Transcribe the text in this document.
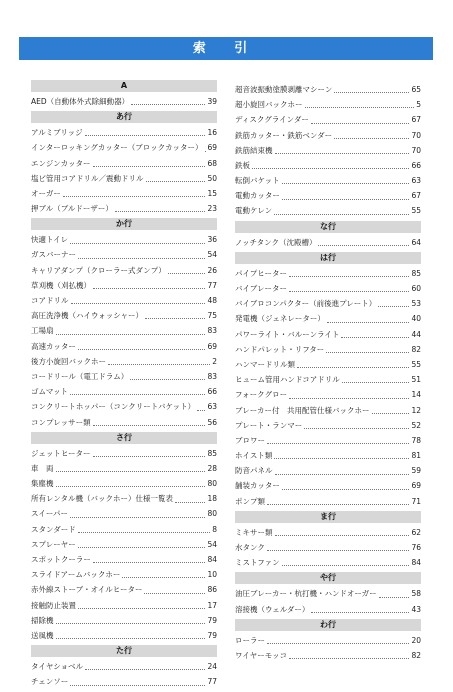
索 引
A
AED（自動体外式除細動器）	39
あ行
アルミブリッジ	16
インターロッキングカッター（ブロックカッター） 69
エンジンカッター	68
塩ビ管用コアドリル／震動ドリル	50
オーガー	15
押ブル（ブルドーザー）	23
か行
快適トイレ	36
ガスバーナー	54
キャリアダンプ（クローラー式ダンプ）	26
草刈機（刈払機）	77
コアドリル	48
高圧洗浄機（ハイウォッシャー）	75
工場扇	83
高速カッター	69
後方小旋回バックホー	2
コードリール（電工ドラム）	83
ゴムマット	66
コンクリートホッパー（コンクリートバケット） 63
コンプレッサー類	56
さ行
ジェットヒーター	85
車　両	28
集塵機	80
所有レンタル機（バックホー）仕様一覧表	18
スイーパー	80
スタンダード	8
スプレーヤー	54
スポットクーラー	84
スライドアームバックホー	10
赤外線ストーブ・オイルヒーター	86
接触防止装置	17
掃除機	79
送風機	79
た行
タイヤショベル	24
チェンソー	77
超音波振動塗膜剥離マシーン	65
超小旋回バックホー	5
ディスクグラインダー	67
鉄筋カッター・鉄筋ベンダー	70
鉄筋結束機	70
鉄板	66
転倒バケット	63
電動カッター	67
電動ケレン	55
な行
ノッチタンク（沈殿槽）	64
は行
パイプヒーター	85
バイブレーター	60
バイブロコンパクター（前後進プレート）	53
発電機（ジェネレーター）	40
パワーライト・バルーンライト	44
ハンドパレット・リフター	82
ハンマードリル類	55
ヒューム管用ハンドコアドリル	51
フォークグロー	14
ブレーカー付　共用配管仕様バックホー	12
プレート・ランマー	52
ブロワー	78
ホイスト類	81
防音パネル	59
舗装カッター	69
ポンプ類	71
ま行
ミキサー類	62
水タンク	76
ミストファン	84
や行
油圧ブレーカー・杭打機・ハンドオーガー	58
溶接機（ウェルダー）	43
わ行
ローラー	20
ワイヤーモッコ	82
